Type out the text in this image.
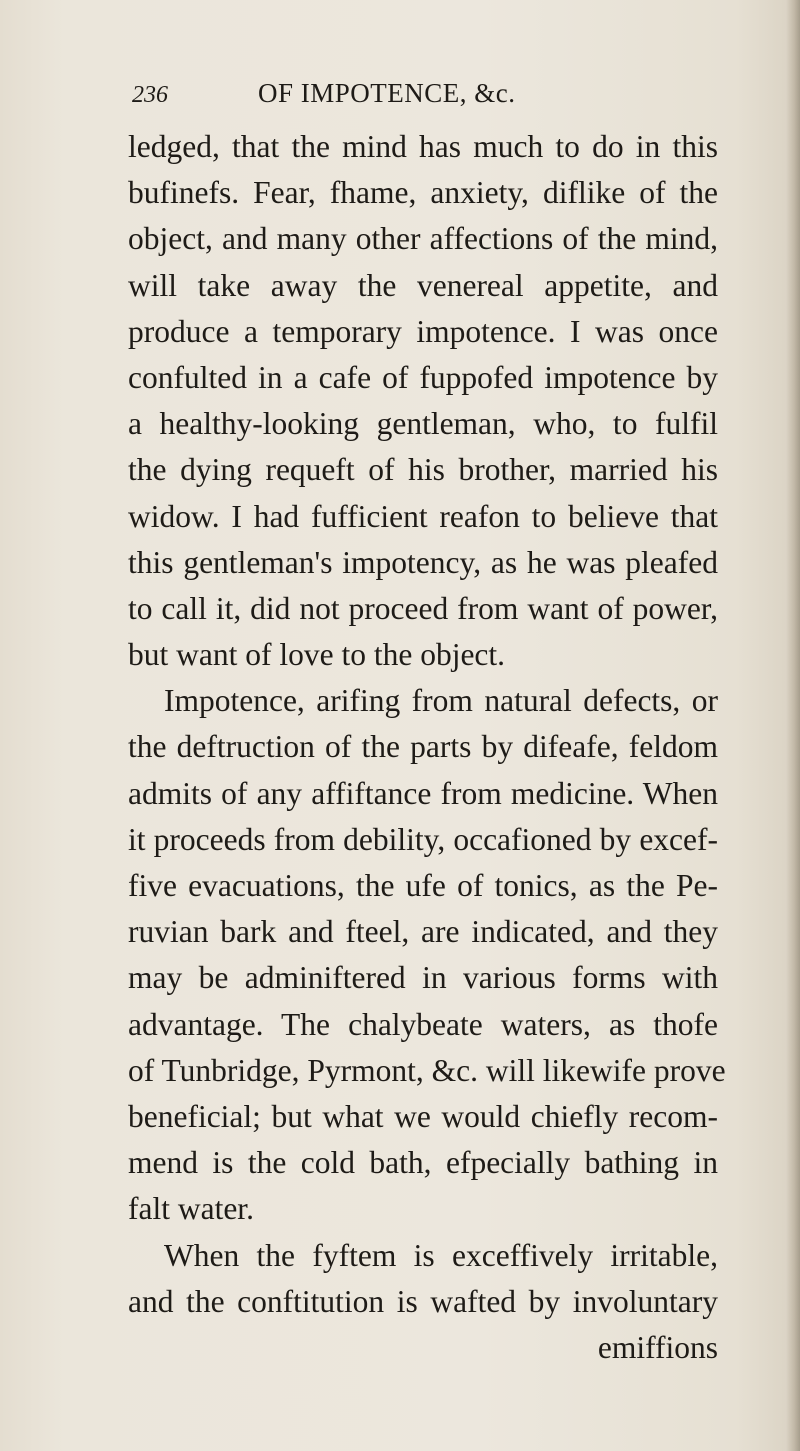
236	OF IMPOTENCE, &c.
ledged, that the mind has much to do in this
bufinefs. Fear, fhame, anxiety, diflike of the
object, and many other affections of the mind,
will take away the venereal appetite, and
produce a temporary impotence. I was once
confulted in a cafe of fuppofed impotence by
a healthy-looking gentleman, who, to fulfil
the dying requeft of his brother, married his
widow. I had fufficient reafon to believe that
this gentleman's impotency, as he was pleafed
to call it, did not proceed from want of power,
but want of love to the object.
Impotence, arifing from natural defects, or
the deftruction of the parts by difeafe, feldom
admits of any affiftance from medicine. When
it proceeds from debility, occafioned by excef-
five evacuations, the ufe of tonics, as the Pe-
ruvian bark and fteel, are indicated, and they
may be adminiftered in various forms with
advantage. The chalybeate waters, as thofe
of Tunbridge, Pyrmont, &c. will likewife prove
beneficial; but what we would chiefly recom-
mend is the cold bath, efpecially bathing in
falt water.
When the fyftem is exceffively irritable,
and the conftitution is wafted by involuntary
emiffions
